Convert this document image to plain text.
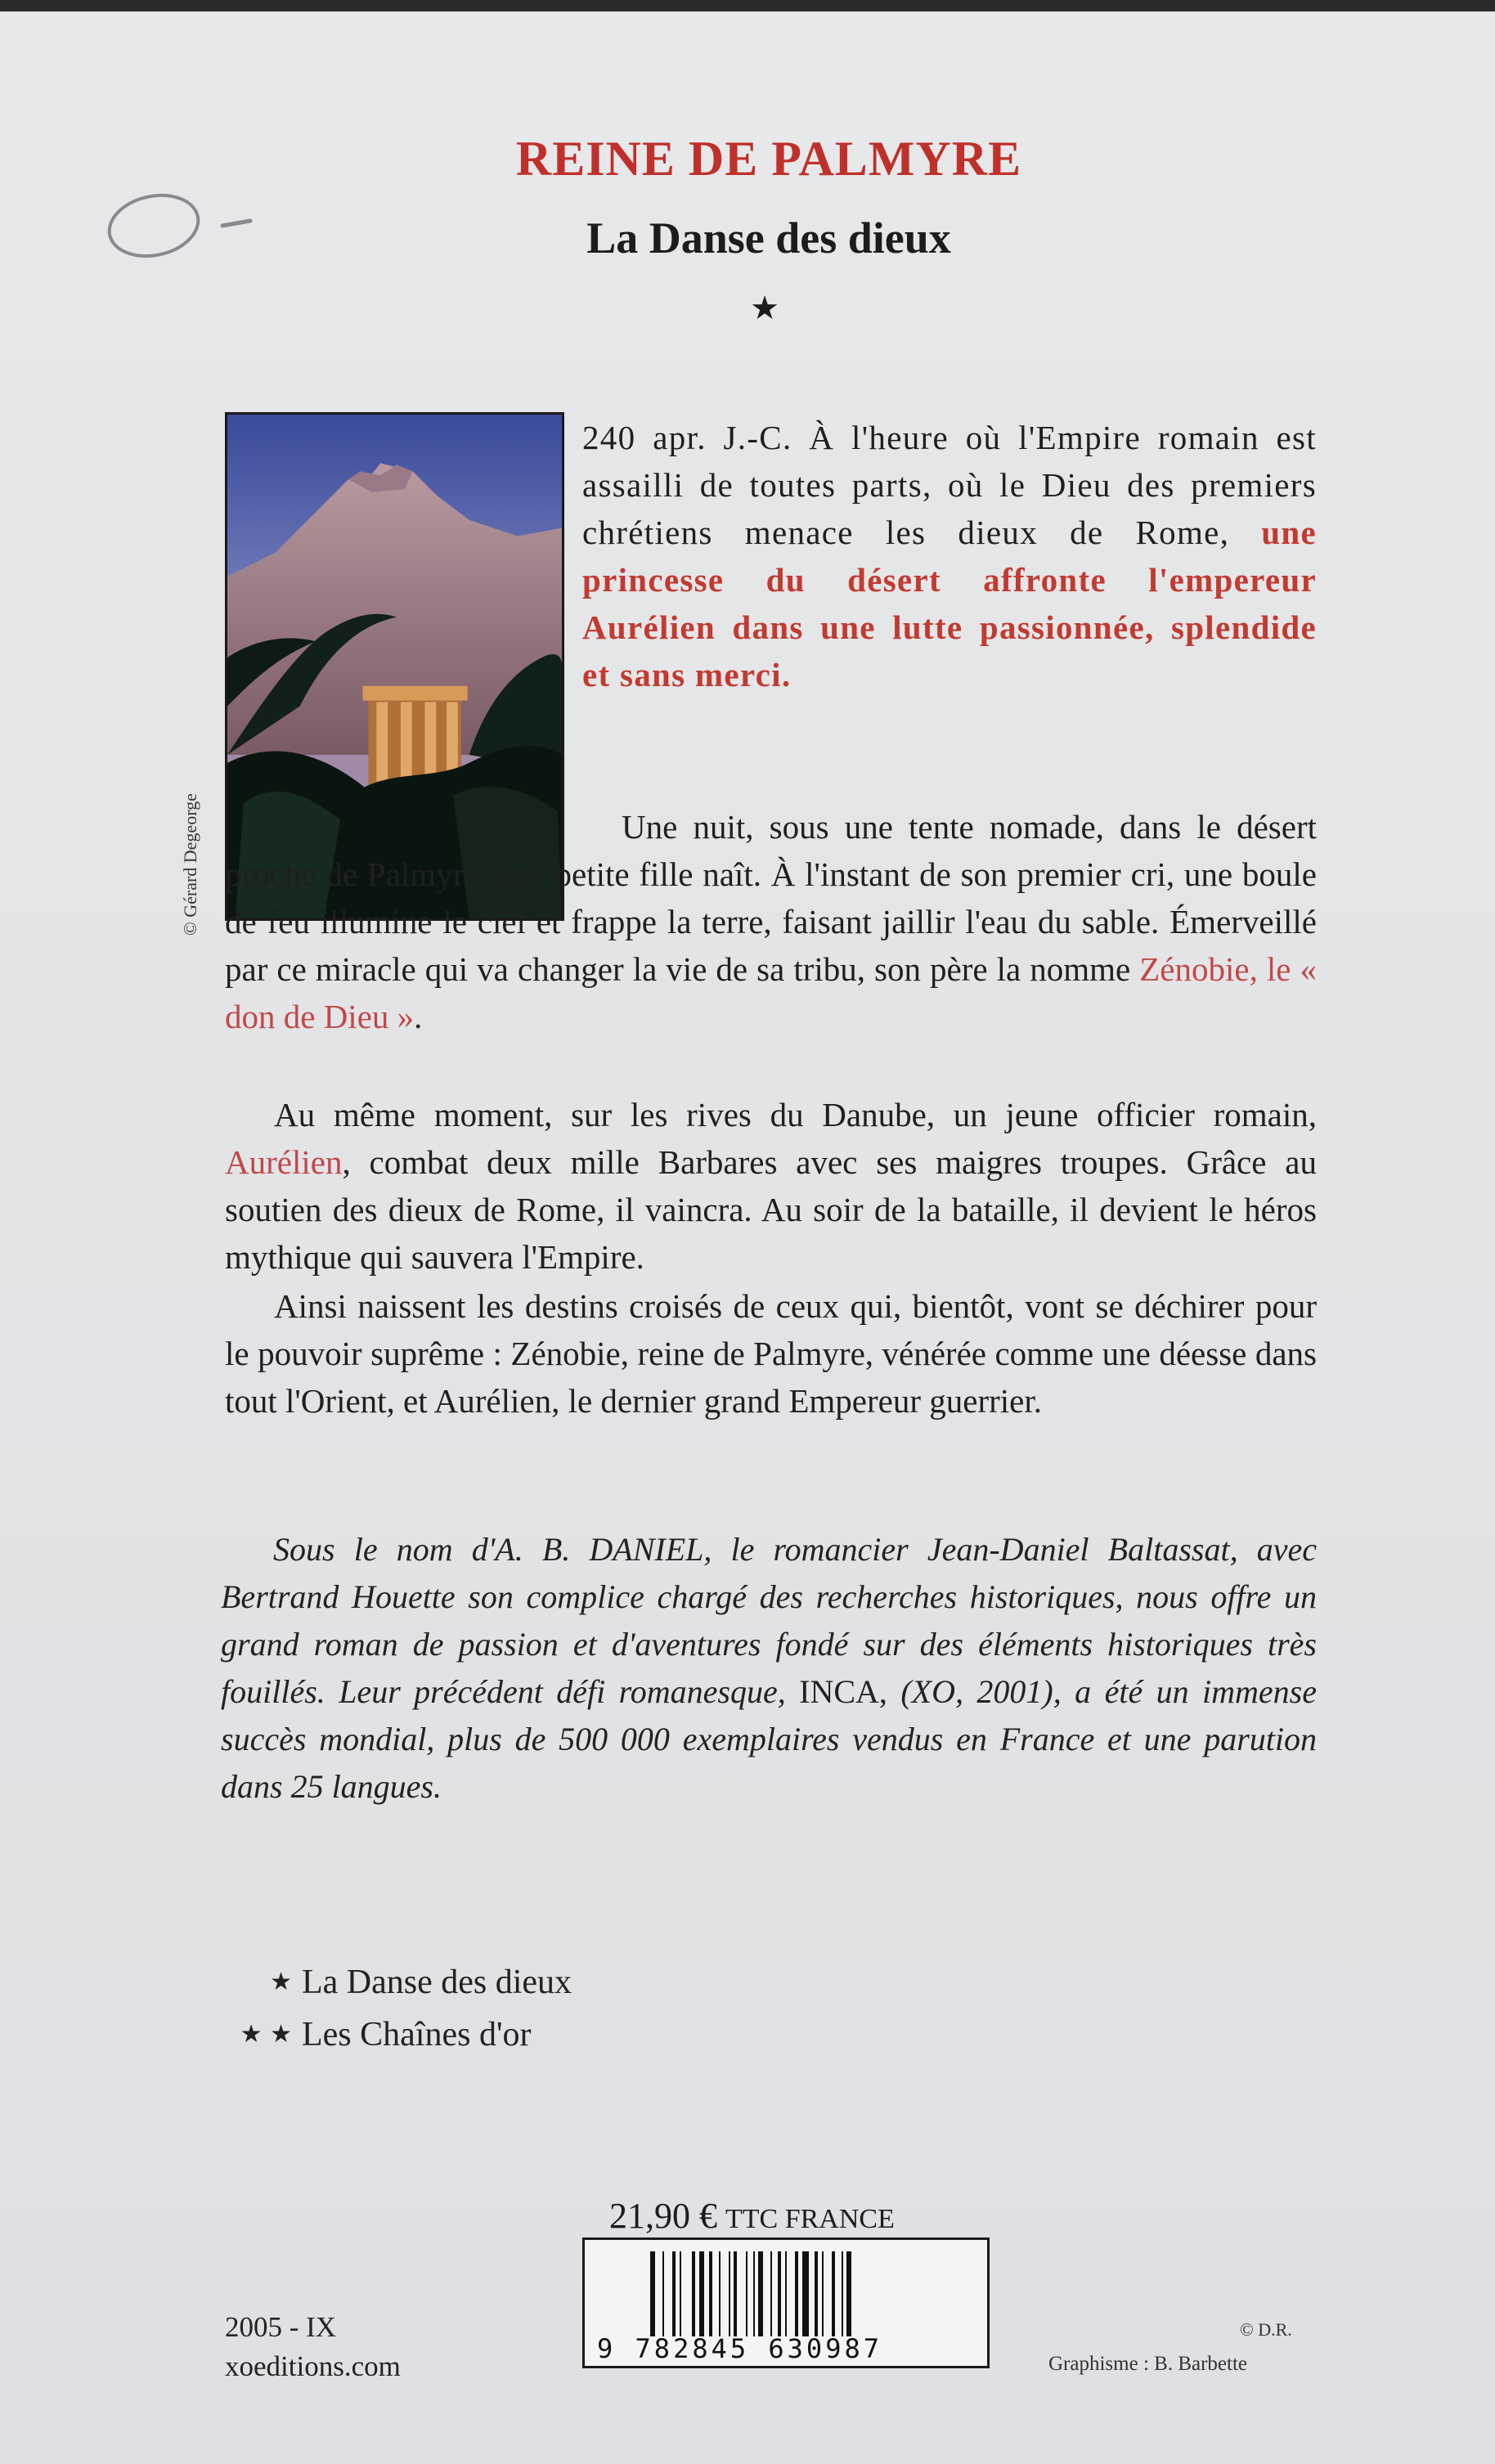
REINE DE PALMYRE
La Danse des dieux
★
© Gérard Degeorge
240 apr. J.-C. À l'heure où l'Empire romain est assailli de toutes parts, où le Dieu des premiers chrétiens menace les dieux de Rome, une princesse du désert affronte l'empereur Aurélien dans une lutte passionnée, splendide et sans merci.
Une nuit, sous une tente nomade, dans le désert proche de Palmyre, une petite fille naît. À l'instant de son premier cri, une boule de feu illumine le ciel et frappe la terre, faisant jaillir l'eau du sable. Émerveillé par ce miracle qui va changer la vie de sa tribu, son père la nomme Zénobie, le « don de Dieu ».
Au même moment, sur les rives du Danube, un jeune officier romain, Aurélien, combat deux mille Barbares avec ses maigres troupes. Grâce au soutien des dieux de Rome, il vaincra. Au soir de la bataille, il devient le héros mythique qui sauvera l'Empire.
Ainsi naissent les destins croisés de ceux qui, bientôt, vont se déchirer pour le pouvoir suprême : Zénobie, reine de Palmyre, vénérée comme une déesse dans tout l'Orient, et Aurélien, le dernier grand Empereur guerrier.
Sous le nom d'A. B. DANIEL, le romancier Jean-Daniel Baltassat, avec Bertrand Houette son complice chargé des recherches historiques, nous offre un grand roman de passion et d'aventures fondé sur des éléments historiques très fouillés. Leur précédent défi romanesque, INCA, (XO, 2001), a été un immense succès mondial, plus de 500 000 exemplaires vendus en France et une parution dans 25 langues.
★ La Danse des dieux
★ ★ Les Chaînes d'or
21,90 € TTC FRANCE
9 782845 630987
2005 - IX
xoeditions.com
© D.R.
Graphisme : B. Barbette
